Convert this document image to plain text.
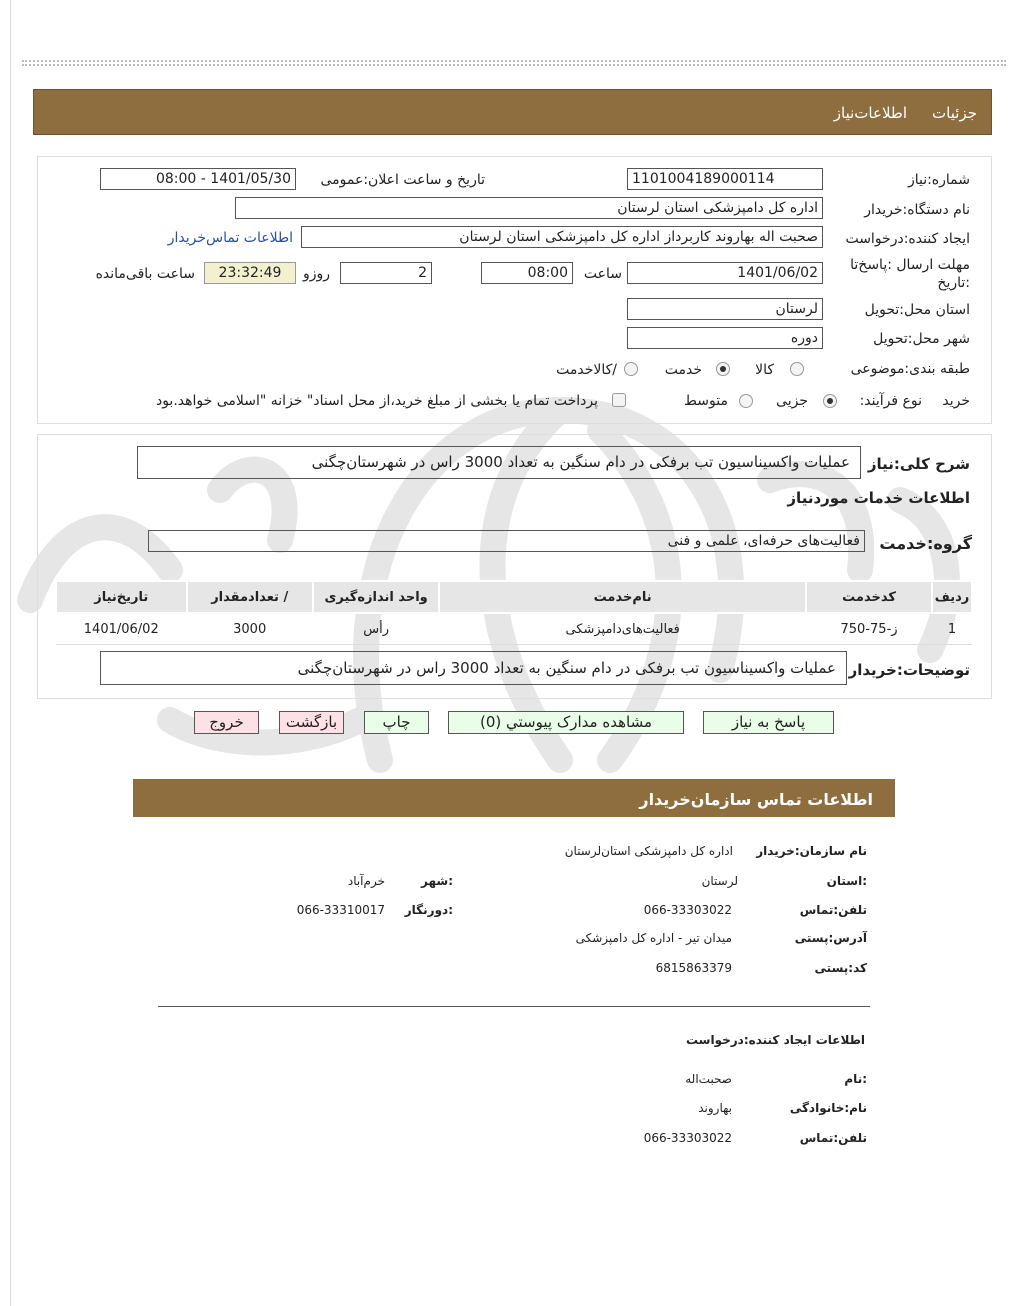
جزئیات
اطلاعات‌نیاز
شماره:نیاز
1101004189000114
تاریخ و ساعت اعلان:عمومی
1401/05/30 - 08:00
نام دستگاه:خریدار
اداره کل دامپزشکی استان لرستان
ایجاد کننده:درخواست
صحبت اله بهاروند کاربرداز اداره کل دامپزشکی استان لرستان
اطلاعات تماس‌خریدار
مهلت ارسال :پاسخ‌تا
:تاریخ
1401/06/02
ساعت
08:00
2
روزو
23:32:49
ساعت باقی‌مانده
استان محل:تحویل
لرستان
شهر محل:تحویل
دوره
طبقه بندی:موضوعی
کالا
خدمت
/کالاخدمت
نوع فرآیند: خرید
جزیی
متوسط
پرداخت تمام یا بخشی از مبلغ خرید،از محل اسناد" خزانه "اسلامی خواهد.بود
شرح کلی:نیاز
عملیات واکسیناسیون تب برفکی در دام سنگین به تعداد 3000 راس در شهرستان‌چگنی
اطلاعات خدمات موردنیاز
گروه:خدمت
فعالیت‌های حرفه‌ای، علمی و فنی
ردیف	کدخدمت	نام‌خدمت	واحد اندازه‌گیری	/ تعدادمقدار	تاریخ‌نیاز
1	ز-75-750	فعالیت‌های‌دامپزشکی	رأس	3000	1401/06/02
توضیحات:خریدار
عملیات واکسیناسیون تب برفکی در دام سنگین به تعداد 3000 راس در شهرستان‌چگنی
پاسخ به نیاز
مشاهده مدارک پیوستي (0)
چاپ
بازگشت
خروج
اطلاعات تماس سازمان‌خریدار
نام سازمان:خریدار
اداره کل دامپزشکی استان‌لرستان
:استان
لرستان
:شهر
خرم‌آباد
تلفن:تماس
066-33303022
:دورنگار
066-33310017
آدرس:پستی
میدان تیر - اداره کل دامپزشکی
کد:پستی
6815863379
اطلاعات ایجاد کننده:درخواست
:نام
صحبت‌اله
نام:خانوادگی
بهاروند
تلفن:تماس
066-33303022
